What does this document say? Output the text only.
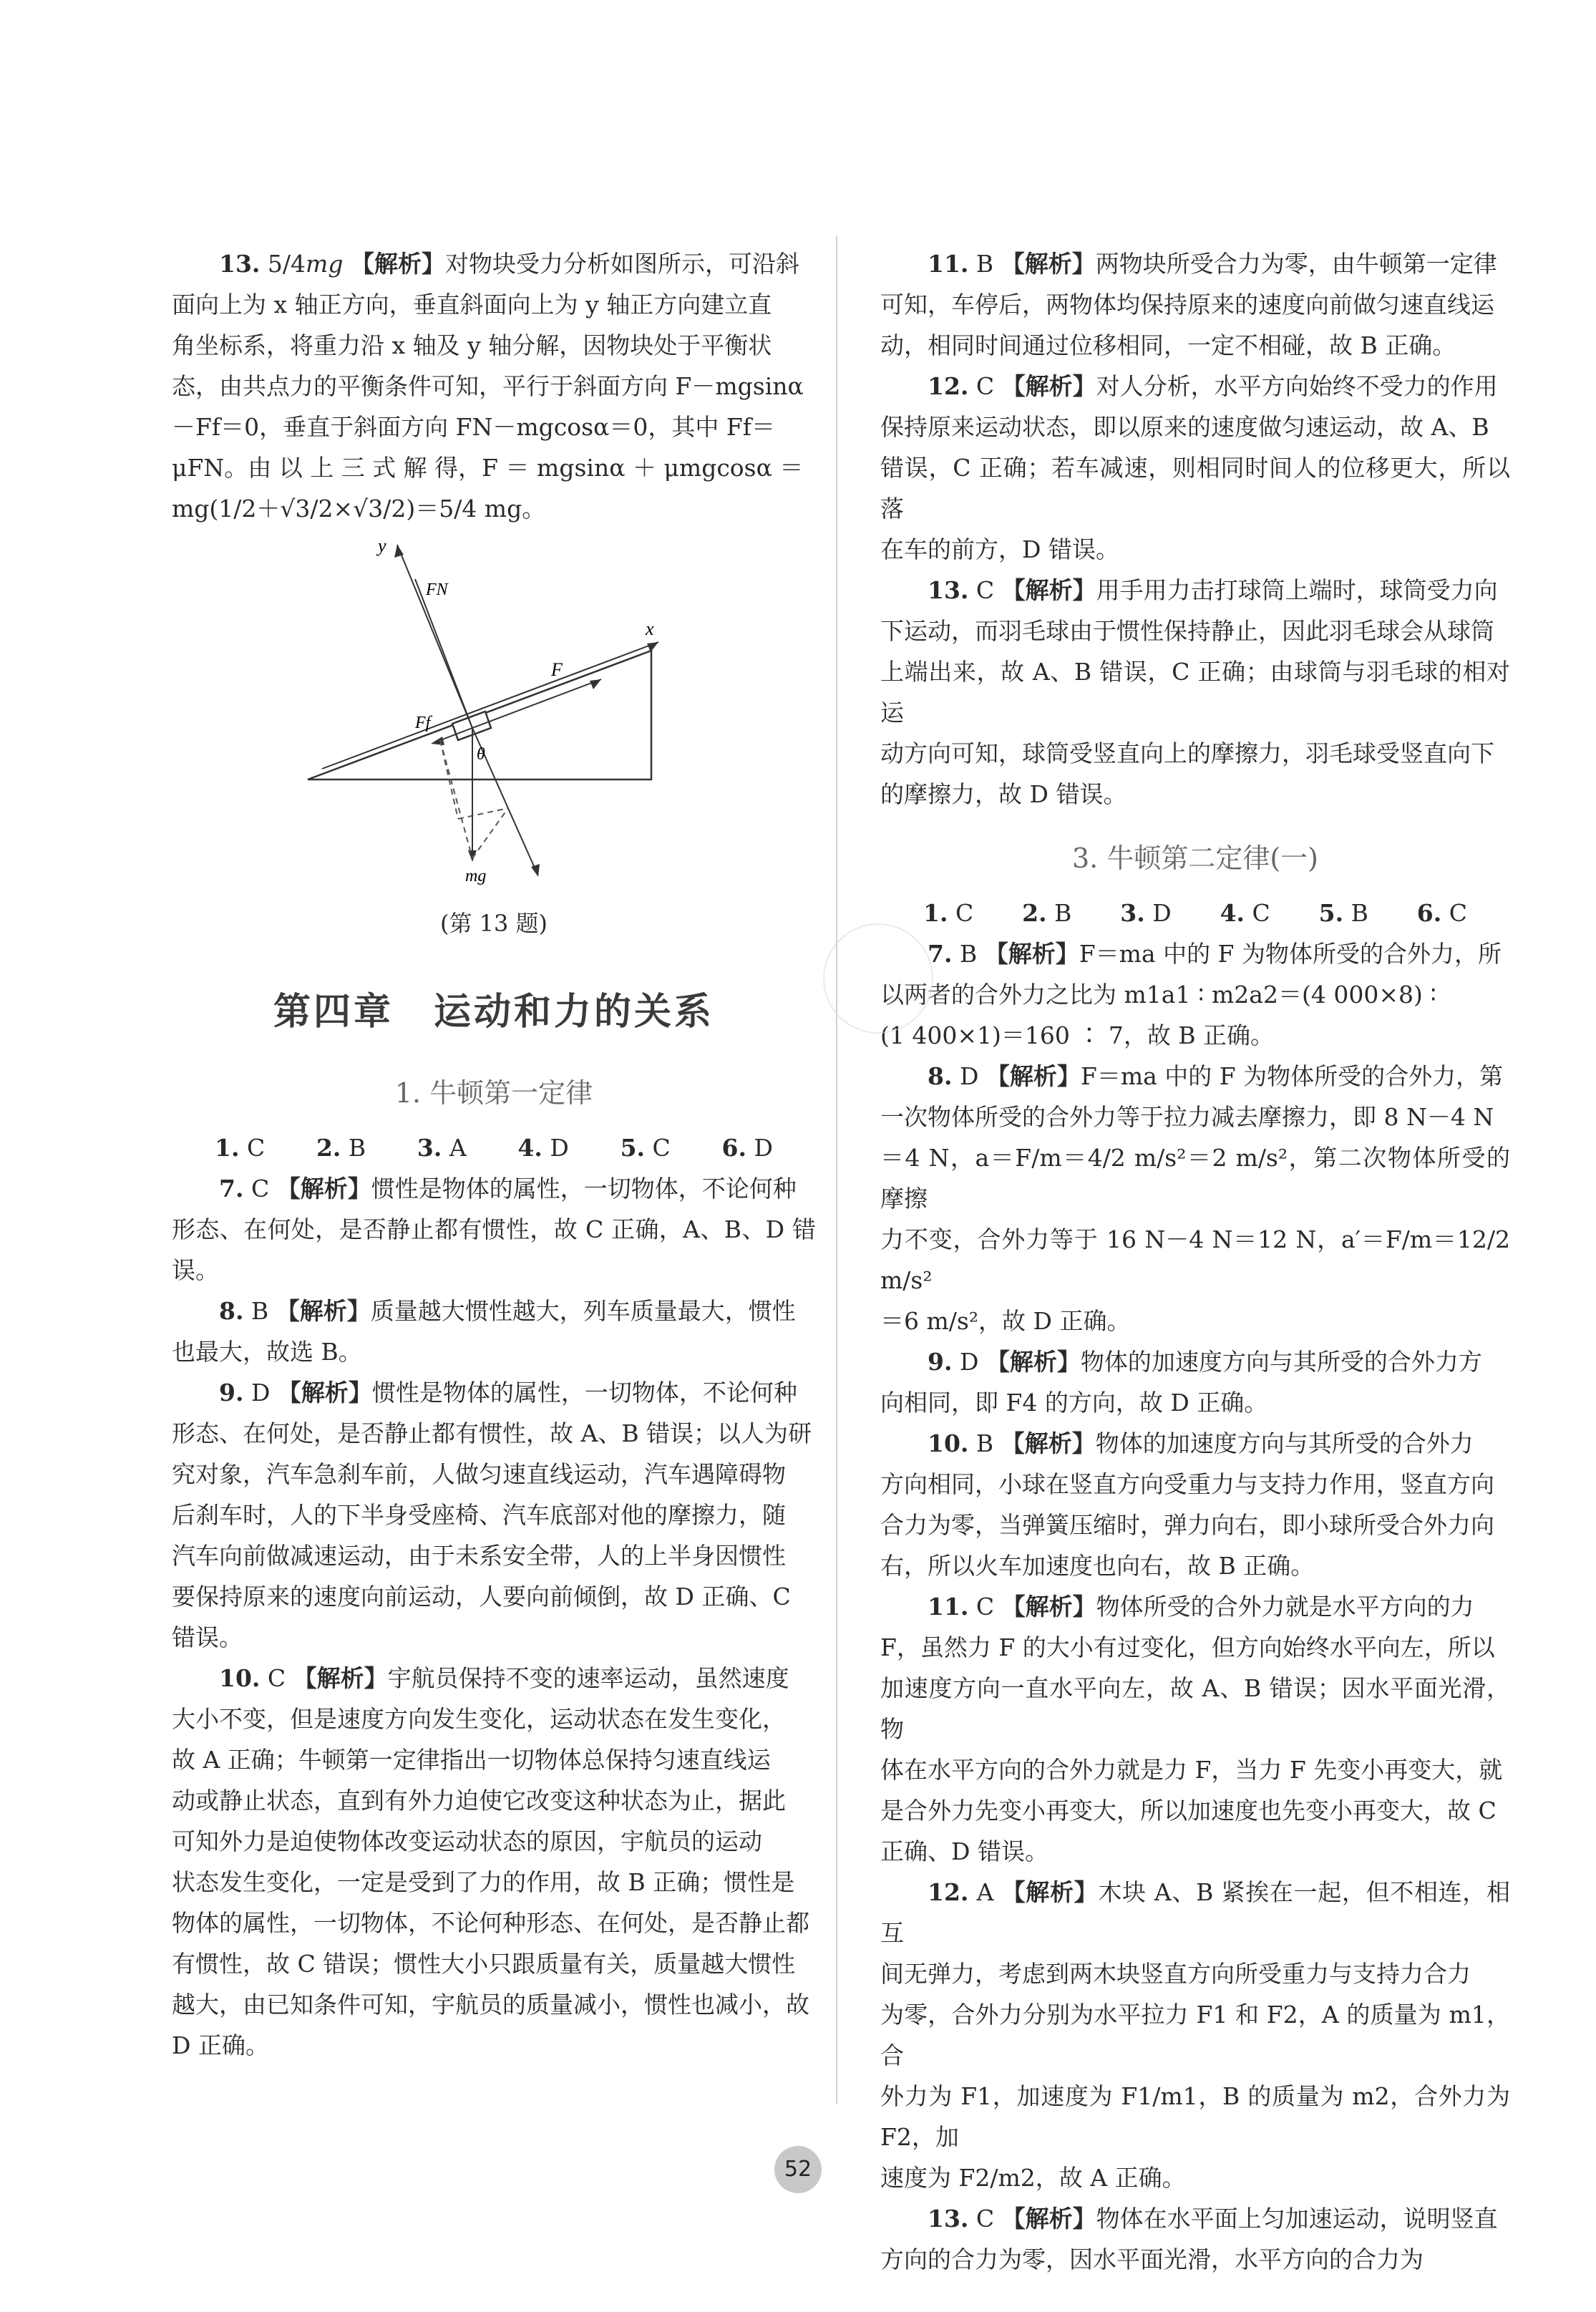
13. 5/4mg 【解析】对物块受力分析如图所示，可沿斜

面向上为 x 轴正方向，垂直斜面向上为 y 轴正方向建立直

角坐标系，将重力沿 x 轴及 y 轴分解，因物块处于平衡状

态，由共点力的平衡条件可知，平行于斜面方向 F－mgsinα

－Ff＝0，垂直于斜面方向 FN－mgcosα＝0，其中 Ff＝

μFN。由 以 上 三 式 解 得，F ＝ mgsinα ＋ μmgcosα ＝

mg(1/2＋√3/2×√3/2)＝5/4 mg。

y
x
FN
F
Ff
θ
mg

(第 13 题)

第四章　运动和力的关系
1. 牛顿第一定律
1. C 2. B 3. A 4. D 5. C 6. D

7. C 【解析】惯性是物体的属性，一切物体，不论何种

形态、在何处，是否静止都有惯性，故 C 正确，A、B、D 错误。

8. B 【解析】质量越大惯性越大，列车质量最大，惯性

也最大，故选 B。

9. D 【解析】惯性是物体的属性，一切物体，不论何种

形态、在何处，是否静止都有惯性，故 A、B 错误；以人为研

究对象，汽车急刹车前，人做匀速直线运动，汽车遇障碍物

后刹车时，人的下半身受座椅、汽车底部对他的摩擦力，随

汽车向前做减速运动，由于未系安全带，人的上半身因惯性

要保持原来的速度向前运动，人要向前倾倒，故 D 正确、C

错误。

10. C 【解析】宇航员保持不变的速率运动，虽然速度

大小不变，但是速度方向发生变化，运动状态在发生变化，

故 A 正确；牛顿第一定律指出一切物体总保持匀速直线运

动或静止状态，直到有外力迫使它改变这种状态为止，据此

可知外力是迫使物体改变运动状态的原因，宇航员的运动

状态发生变化，一定是受到了力的作用，故 B 正确；惯性是

物体的属性，一切物体，不论何种形态、在何处，是否静止都

有惯性，故 C 错误；惯性大小只跟质量有关，质量越大惯性

越大，由已知条件可知，宇航员的质量减小，惯性也减小，故

D 正确。

11. B 【解析】两物块所受合力为零，由牛顿第一定律

可知，车停后，两物体均保持原来的速度向前做匀速直线运

动，相同时间通过位移相同，一定不相碰，故 B 正确。

12. C 【解析】对人分析，水平方向始终不受力的作用

保持原来运动状态，即以原来的速度做匀速运动，故 A、B

错误，C 正确；若车减速，则相同时间人的位移更大，所以落

在车的前方，D 错误。

13. C 【解析】用手用力击打球筒上端时，球筒受力向

下运动，而羽毛球由于惯性保持静止，因此羽毛球会从球筒

上端出来，故 A、B 错误，C 正确；由球筒与羽毛球的相对运

动方向可知，球筒受竖直向上的摩擦力，羽毛球受竖直向下

的摩擦力，故 D 错误。

3. 牛顿第二定律(一)
1. C 2. B 3. D 4. C 5. B 6. C

7. B 【解析】F＝ma 中的 F 为物体所受的合外力，所

以两者的合外力之比为 m1a1 ∶ m2a2＝(4 000×8) ∶

(1 400×1)＝160 ∶ 7，故 B 正确。

8. D 【解析】F＝ma 中的 F 为物体所受的合外力，第

一次物体所受的合外力等于拉力减去摩擦力，即 8 N－4 N

＝4 N，a＝F/m＝4/2 m/s²＝2 m/s²，第二次物体所受的摩擦

力不变，合外力等于 16 N－4 N＝12 N，a′＝F/m＝12/2 m/s²

＝6 m/s²，故 D 正确。

9. D 【解析】物体的加速度方向与其所受的合外力方

向相同，即 F4 的方向，故 D 正确。

10. B 【解析】物体的加速度方向与其所受的合外力

方向相同，小球在竖直方向受重力与支持力作用，竖直方向

合力为零，当弹簧压缩时，弹力向右，即小球所受合外力向

右，所以火车加速度也向右，故 B 正确。

11. C 【解析】物体所受的合外力就是水平方向的力

F，虽然力 F 的大小有过变化，但方向始终水平向左，所以

加速度方向一直水平向左，故 A、B 错误；因水平面光滑，物

体在水平方向的合外力就是力 F，当力 F 先变小再变大，就

是合外力先变小再变大，所以加速度也先变小再变大，故 C

正确、D 错误。

12. A 【解析】木块 A、B 紧挨在一起，但不相连，相互

间无弹力，考虑到两木块竖直方向所受重力与支持力合力

为零，合外力分别为水平拉力 F1 和 F2，A 的质量为 m1，合

外力为 F1，加速度为 F1/m1，B 的质量为 m2，合外力为 F2，加

速度为 F2/m2，故 A 正确。

13. C 【解析】物体在水平面上匀加速运动，说明竖直

方向的合力为零，因水平面光滑，水平方向的合力为

52
